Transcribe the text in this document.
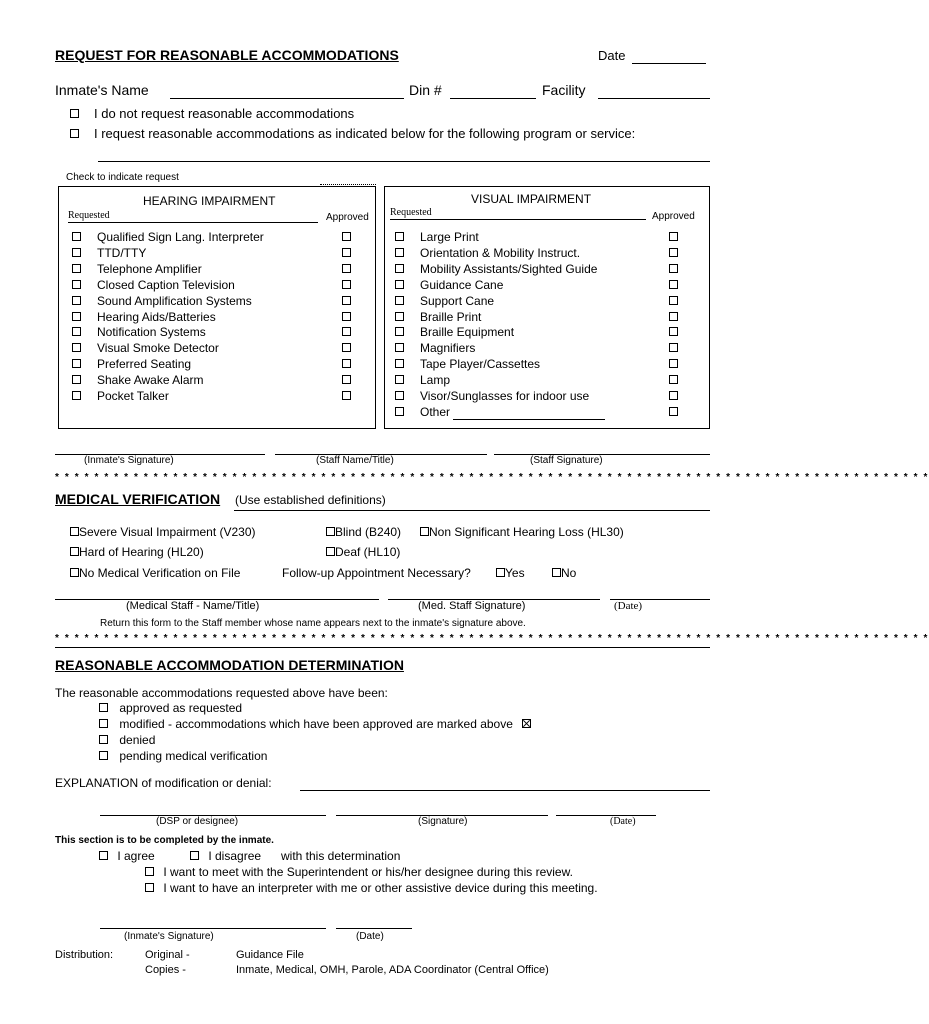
REQUEST FOR REASONABLE ACCOMMODATIONS	Date
Inmate's Name	Din #	Facility
I do not request reasonable accommodations
I request reasonable accommodations as indicated below for the following program or service:
Check to indicate request
HEARING IMPAIRMENT
Requested	Approved
Qualified Sign Lang. Interpreter
TTD/TTY
Telephone Amplifier
Closed Caption Television
Sound Amplification Systems
Hearing Aids/Batteries
Notification Systems
Visual Smoke Detector
Preferred Seating
Shake Awake Alarm
Pocket Talker
VISUAL IMPAIRMENT
Requested	Approved
Large Print
Orientation & Mobility Instruct.
Mobility Assistants/Sighted Guide
Guidance Cane
Support Cane
Braille Print
Braille Equipment
Magnifiers
Tape Player/Cassettes
Lamp
Visor/Sunglasses for indoor use
Other
(Inmate's Signature)	(Staff Name/Title)	(Staff Signature)
* * * * * * * * * * * * * * * * * * * * * * * * * * * * * * * * * * * * * * * * * * * * * * * * * * * * * * * * * * * * * * * * * * * * * * * * * * * * * * * * * * * * * * * * *
MEDICAL VERIFICATION (Use established definitions)
Severe Visual Impairment (V230)	Blind (B240)	Non Significant Hearing Loss (HL30)
Hard of Hearing (HL20)	Deaf (HL10)
No Medical Verification on File	Follow-up Appointment Necessary?	Yes	No
(Medical Staff - Name/Title)	(Med. Staff Signature)	(Date)
Return this form to the Staff member whose name appears next to the inmate's signature above.
* * * * * * * * * * * * * * * * * * * * * * * * * * * * * * * * * * * * * * * * * * * * * * * * * * * * * * * * * * * * * * * * * * * * * * * * * * * * * * * * * * * * * * * * *
REASONABLE ACCOMMODATION DETERMINATION
The reasonable accommodations requested above have been:
approved as requested
modified - accommodations which have been approved are marked above
denied
pending medical verification
EXPLANATION of modification or denial:
(DSP or designee)	(Signature)	(Date)
This section is to be completed by the inmate.
I agree	I disagree with this determination
I want to meet with the Superintendent or his/her designee during this review.
I want to have an interpreter with me or other assistive device during this meeting.
(Inmate's Signature)	(Date)
Distribution:	Original -	Guidance File
Copies -	Inmate, Medical, OMH, Parole, ADA Coordinator (Central Office)
